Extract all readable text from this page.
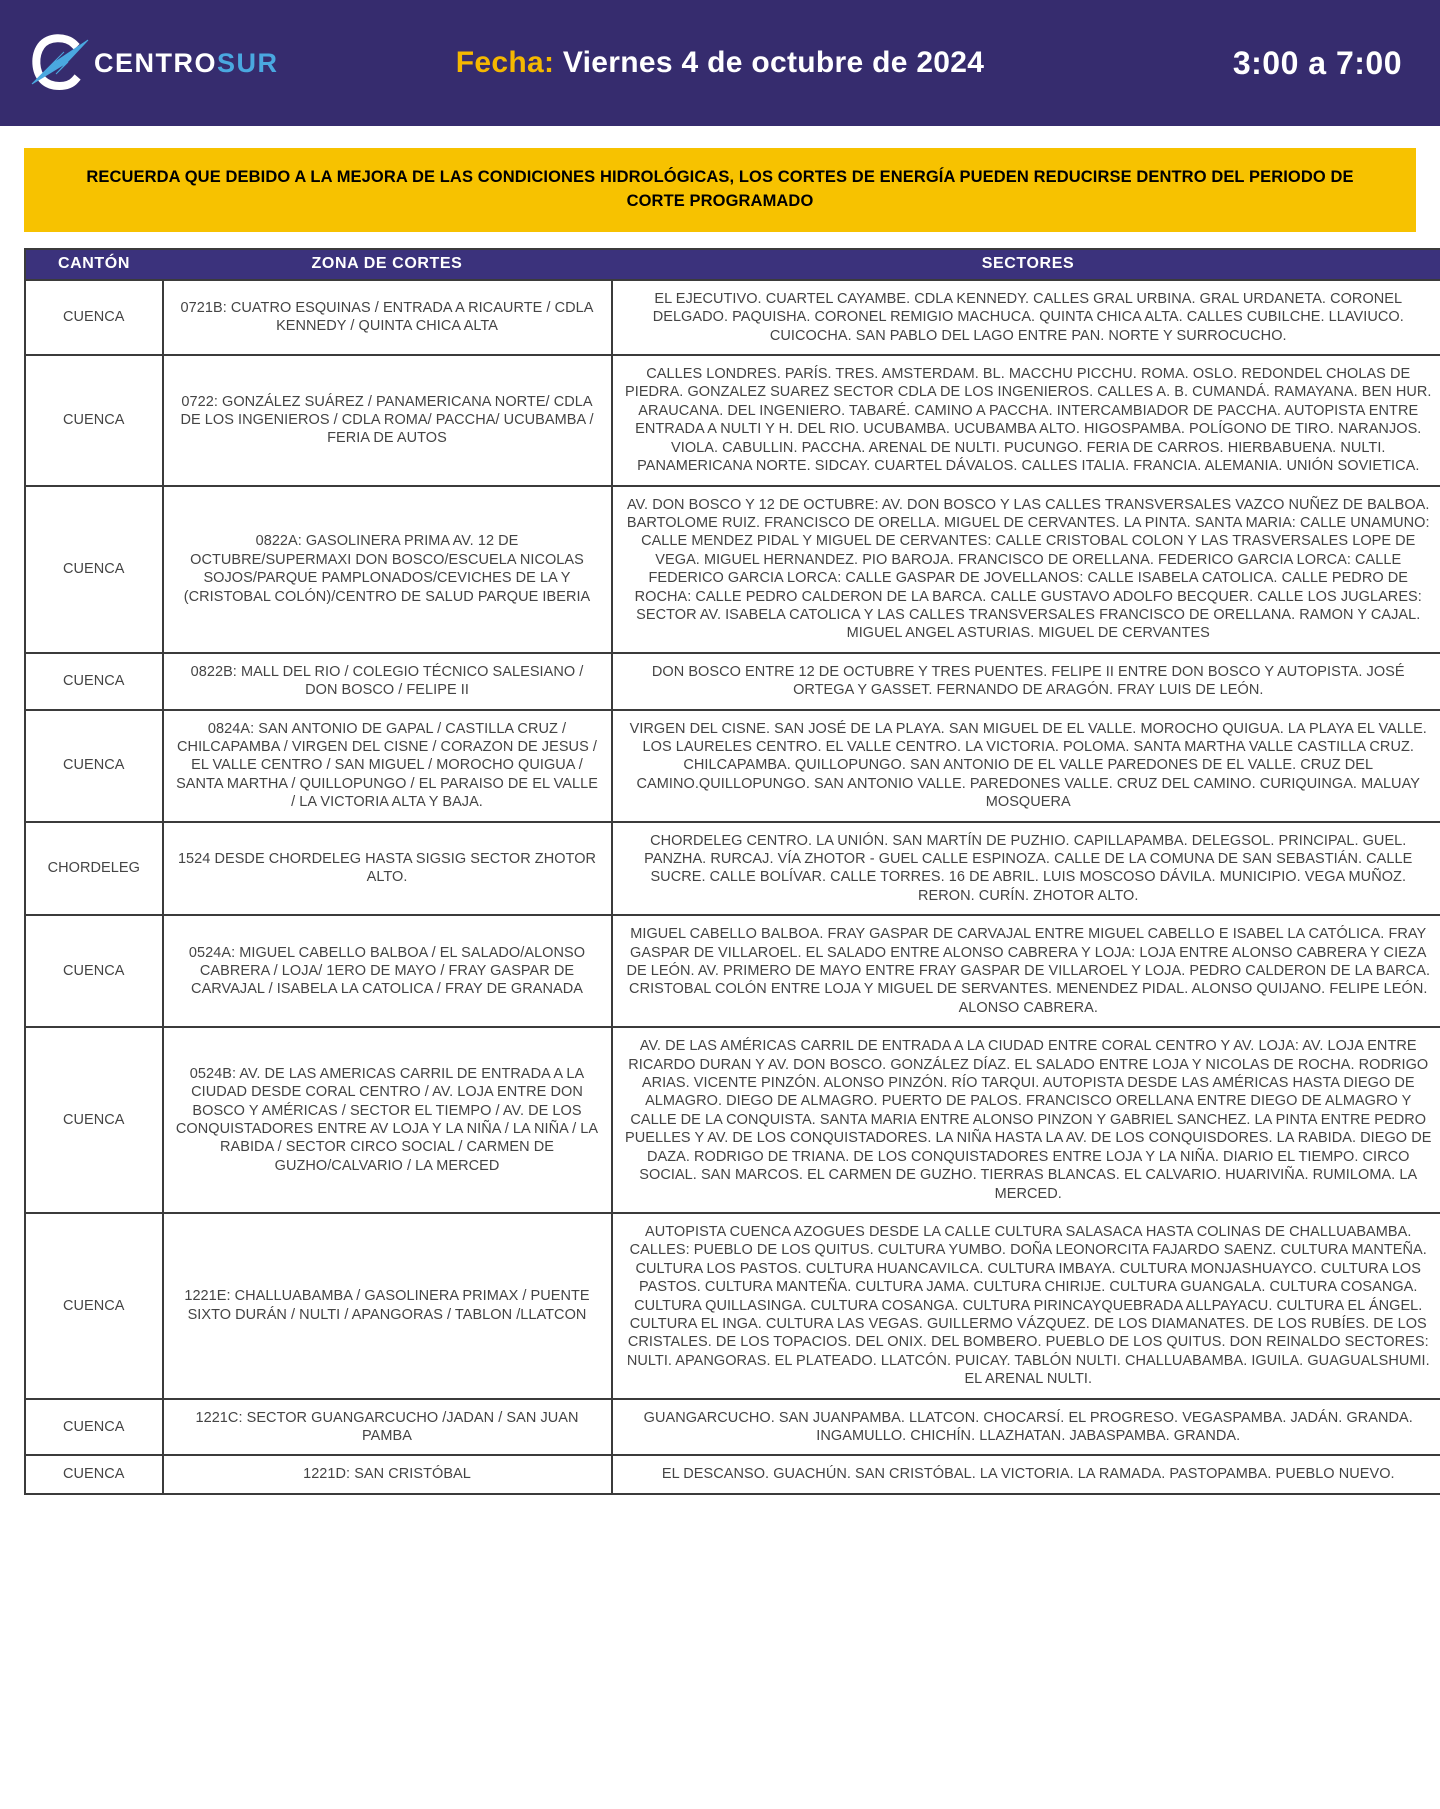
CENTROSUR	Fecha: Viernes 4 de octubre de 2024	3:00 a 7:00
RECUERDA QUE DEBIDO A LA MEJORA DE LAS CONDICIONES HIDROLÓGICAS, LOS CORTES DE ENERGÍA PUEDEN REDUCIRSE DENTRO DEL PERIODO DE CORTE PROGRAMADO
CANTÓN	ZONA DE CORTES	SECTORES
CUENCA	0721B: CUATRO ESQUINAS / ENTRADA A RICAURTE / CDLA KENNEDY / QUINTA CHICA ALTA	EL EJECUTIVO. CUARTEL CAYAMBE. CDLA KENNEDY. CALLES GRAL URBINA. GRAL URDANETA. CORONEL DELGADO. PAQUISHA. CORONEL REMIGIO MACHUCA. QUINTA CHICA ALTA. CALLES CUBILCHE. LLAVIUCO. CUICOCHA. SAN PABLO DEL LAGO ENTRE PAN. NORTE Y SURROCUCHO.
CUENCA	0722: GONZÁLEZ SUÁREZ / PANAMERICANA NORTE/ CDLA DE LOS INGENIEROS / CDLA ROMA/ PACCHA/ UCUBAMBA / FERIA DE AUTOS	CALLES LONDRES. PARÍS. TRES. AMSTERDAM. BL. MACCHU PICCHU. ROMA. OSLO. REDONDEL CHOLAS DE PIEDRA. GONZALEZ SUAREZ SECTOR CDLA DE LOS INGENIEROS. CALLES A. B. CUMANDÁ. RAMAYANA. BEN HUR. ARAUCANA. DEL INGENIERO. TABARÉ. CAMINO A PACCHA. INTERCAMBIADOR DE PACCHA. AUTOPISTA ENTRE ENTRADA A NULTI Y H. DEL RIO. UCUBAMBA. UCUBAMBA ALTO. HIGOSPAMBA. POLÍGONO DE TIRO. NARANJOS. VIOLA. CABULLIN. PACCHA. ARENAL DE NULTI. PUCUNGO. FERIA DE CARROS. HIERBABUENA. NULTI. PANAMERICANA NORTE. SIDCAY. CUARTEL DÁVALOS. CALLES ITALIA. FRANCIA. ALEMANIA. UNIÓN SOVIETICA.
CUENCA	0822A: GASOLINERA PRIMA AV. 12 DE OCTUBRE/SUPERMAXI DON BOSCO/ESCUELA NICOLAS SOJOS/PARQUE PAMPLONADOS/CEVICHES DE LA Y (CRISTOBAL COLÓN)/CENTRO DE SALUD PARQUE IBERIA	AV. DON BOSCO Y 12 DE OCTUBRE: AV. DON BOSCO Y LAS CALLES TRANSVERSALES VAZCO NUÑEZ DE BALBOA. BARTOLOME RUIZ. FRANCISCO DE ORELLA. MIGUEL DE CERVANTES. LA PINTA. SANTA MARIA: CALLE UNAMUNO: CALLE MENDEZ PIDAL Y MIGUEL DE CERVANTES: CALLE CRISTOBAL COLON Y LAS TRASVERSALES LOPE DE VEGA. MIGUEL HERNANDEZ. PIO BAROJA. FRANCISCO DE ORELLANA. FEDERICO GARCIA LORCA: CALLE FEDERICO GARCIA LORCA: CALLE GASPAR DE JOVELLANOS: CALLE ISABELA CATOLICA. CALLE PEDRO DE ROCHA: CALLE PEDRO CALDERON DE LA BARCA. CALLE GUSTAVO ADOLFO BECQUER. CALLE LOS JUGLARES: SECTOR AV. ISABELA CATOLICA Y LAS CALLES TRANSVERSALES FRANCISCO DE ORELLANA. RAMON Y CAJAL. MIGUEL ANGEL ASTURIAS. MIGUEL DE CERVANTES
CUENCA	0822B: MALL DEL RIO / COLEGIO TÉCNICO SALESIANO / DON BOSCO / FELIPE II	DON BOSCO ENTRE 12 DE OCTUBRE Y TRES PUENTES. FELIPE II ENTRE DON BOSCO Y AUTOPISTA. JOSÉ ORTEGA Y GASSET. FERNANDO DE ARAGÓN. FRAY LUIS DE LEÓN.
CUENCA	0824A: SAN ANTONIO DE GAPAL / CASTILLA CRUZ / CHILCAPAMBA / VIRGEN DEL CISNE / CORAZON DE JESUS / EL VALLE CENTRO / SAN MIGUEL / MOROCHO QUIGUA / SANTA MARTHA / QUILLOPUNGO / EL PARAISO DE EL VALLE / LA VICTORIA ALTA Y BAJA.	VIRGEN DEL CISNE. SAN JOSÉ DE LA PLAYA. SAN MIGUEL DE EL VALLE. MOROCHO QUIGUA. LA PLAYA EL VALLE. LOS LAURELES CENTRO. EL VALLE CENTRO. LA VICTORIA. POLOMA. SANTA MARTHA VALLE CASTILLA CRUZ. CHILCAPAMBA. QUILLOPUNGO. SAN ANTONIO DE EL VALLE PAREDONES DE EL VALLE. CRUZ DEL CAMINO.QUILLOPUNGO. SAN ANTONIO VALLE. PAREDONES VALLE. CRUZ DEL CAMINO. CURIQUINGA. MALUAY MOSQUERA
CHORDELEG	1524 DESDE CHORDELEG HASTA SIGSIG SECTOR ZHOTOR ALTO.	CHORDELEG CENTRO. LA UNIÓN. SAN MARTÍN DE PUZHIO. CAPILLAPAMBA. DELEGSOL. PRINCIPAL. GUEL. PANZHA. RURCAJ. VÍA ZHOTOR - GUEL CALLE ESPINOZA. CALLE DE LA COMUNA DE SAN SEBASTIÁN. CALLE SUCRE. CALLE BOLÍVAR. CALLE TORRES. 16 DE ABRIL. LUIS MOSCOSO DÁVILA. MUNICIPIO. VEGA MUÑOZ. RERON. CURÍN. ZHOTOR ALTO.
CUENCA	0524A: MIGUEL CABELLO BALBOA / EL SALADO/ALONSO CABRERA / LOJA/ 1ERO DE MAYO / FRAY GASPAR DE CARVAJAL / ISABELA LA CATOLICA / FRAY DE GRANADA	MIGUEL CABELLO BALBOA. FRAY GASPAR DE CARVAJAL ENTRE MIGUEL CABELLO E ISABEL LA CATÓLICA. FRAY GASPAR DE VILLAROEL. EL SALADO ENTRE ALONSO CABRERA Y LOJA: LOJA ENTRE ALONSO CABRERA Y CIEZA DE LEÓN. AV. PRIMERO DE MAYO ENTRE FRAY GASPAR DE VILLAROEL Y LOJA. PEDRO CALDERON DE LA BARCA. CRISTOBAL COLÓN ENTRE LOJA Y MIGUEL DE SERVANTES. MENENDEZ PIDAL. ALONSO QUIJANO. FELIPE LEÓN. ALONSO CABRERA.
CUENCA	0524B: AV. DE LAS AMERICAS CARRIL DE ENTRADA A LA CIUDAD DESDE CORAL CENTRO / AV. LOJA ENTRE DON BOSCO Y AMÉRICAS / SECTOR EL TIEMPO / AV. DE LOS CONQUISTADORES ENTRE AV LOJA Y LA NIÑA / LA NIÑA / LA RABIDA / SECTOR CIRCO SOCIAL / CARMEN DE GUZHO/CALVARIO / LA MERCED	AV. DE LAS AMÉRICAS CARRIL DE ENTRADA A LA CIUDAD ENTRE CORAL CENTRO Y AV. LOJA: AV. LOJA ENTRE RICARDO DURAN Y AV. DON BOSCO. GONZÁLEZ DÍAZ. EL SALADO ENTRE LOJA Y NICOLAS DE ROCHA. RODRIGO ARIAS. VICENTE PINZÓN. ALONSO PINZÓN. RÍO TARQUI. AUTOPISTA DESDE LAS AMÉRICAS HASTA DIEGO DE ALMAGRO. DIEGO DE ALMAGRO. PUERTO DE PALOS. FRANCISCO ORELLANA ENTRE DIEGO DE ALMAGRO Y CALLE DE LA CONQUISTA. SANTA MARIA ENTRE ALONSO PINZON Y GABRIEL SANCHEZ. LA PINTA ENTRE PEDRO PUELLES Y AV. DE LOS CONQUISTADORES. LA NIÑA HASTA LA AV. DE LOS CONQUISDORES. LA RABIDA. DIEGO DE DAZA. RODRIGO DE TRIANA. DE LOS CONQUISTADORES ENTRE LOJA Y LA NIÑA. DIARIO EL TIEMPO. CIRCO SOCIAL. SAN MARCOS. EL CARMEN DE GUZHO. TIERRAS BLANCAS. EL CALVARIO. HUARIVIÑA. RUMILOMA. LA MERCED.
CUENCA	1221E: CHALLUABAMBA / GASOLINERA PRIMAX / PUENTE SIXTO DURÁN / NULTI / APANGORAS / TABLON /LLATCON	AUTOPISTA CUENCA AZOGUES DESDE LA CALLE CULTURA SALASACA HASTA COLINAS DE CHALLUABAMBA. CALLES: PUEBLO DE LOS QUITUS. CULTURA YUMBO. DOÑA LEONORCITA FAJARDO SAENZ. CULTURA MANTEÑA. CULTURA LOS PASTOS. CULTURA HUANCAVILCA. CULTURA IMBAYA. CULTURA MONJASHUAYCO. CULTURA LOS PASTOS. CULTURA MANTEÑA. CULTURA JAMA. CULTURA CHIRIJE. CULTURA GUANGALA. CULTURA COSANGA. CULTURA QUILLASINGA. CULTURA COSANGA. CULTURA PIRINCAYQUEBRADA ALLPAYACU. CULTURA EL ÁNGEL. CULTURA EL INGA. CULTURA LAS VEGAS. GUILLERMO VÁZQUEZ. DE LOS DIAMANATES. DE LOS RUBÍES. DE LOS CRISTALES. DE LOS TOPACIOS. DEL ONIX. DEL BOMBERO. PUEBLO DE LOS QUITUS. DON REINALDO SECTORES: NULTI. APANGORAS. EL PLATEADO. LLATCÓN. PUICAY. TABLÓN NULTI. CHALLUABAMBA. IGUILA. GUAGUALSHUMI. EL ARENAL NULTI.
CUENCA	1221C: SECTOR GUANGARCUCHO /JADAN / SAN JUAN PAMBA	GUANGARCUCHO. SAN JUANPAMBA. LLATCON. CHOCARSÍ. EL PROGRESO. VEGASPAMBA. JADÁN. GRANDA. INGAMULLO. CHICHÍN. LLAZHATAN. JABASPAMBA. GRANDA.
CUENCA	1221D: SAN CRISTÓBAL	EL DESCANSO. GUACHÚN. SAN CRISTÓBAL. LA VICTORIA. LA RAMADA. PASTOPAMBA. PUEBLO NUEVO.
